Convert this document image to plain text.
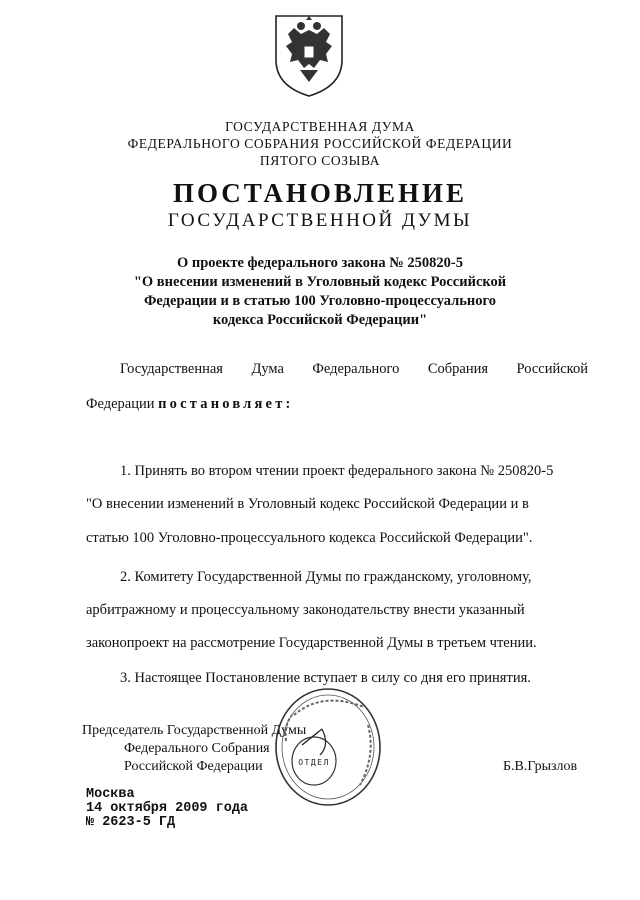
ГОСУДАРСТВЕННАЯ ДУМА
ФЕДЕРАЛЬНОГО СОБРАНИЯ РОССИЙСКОЙ ФЕДЕРАЦИИ
ПЯТОГО СОЗЫВА
ПОСТАНОВЛЕНИЕ
ГОСУДАРСТВЕННОЙ ДУМЫ
О проекте федерального закона № 250820-5
"О внесении изменений в Уголовный кодекс Российской
Федерации и в статью 100 Уголовно-процессуального
кодекса Российской Федерации"
Государственная Дума Федерального Собрания Российской
Федерации постановляет:
1. Принять во втором чтении проект федерального закона № 250820-5
"О внесении изменений в Уголовный кодекс Российской Федерации и в
статью 100 Уголовно-процессуального кодекса Российской Федерации".
2. Комитету Государственной Думы по гражданскому, уголовному,
арбитражному и процессуальному законодательству внести указанный
законопроект на рассмотрение Государственной Думы в третьем чтении.
3. Настоящее Постановление вступает в силу со дня его принятия.
Председатель Государственной Думы
Федерального Собрания
Российской Федерации	Б.В.Грызлов
ОТДЕЛ
Москва
14 октября 2009 года
№ 2623-5 ГД
